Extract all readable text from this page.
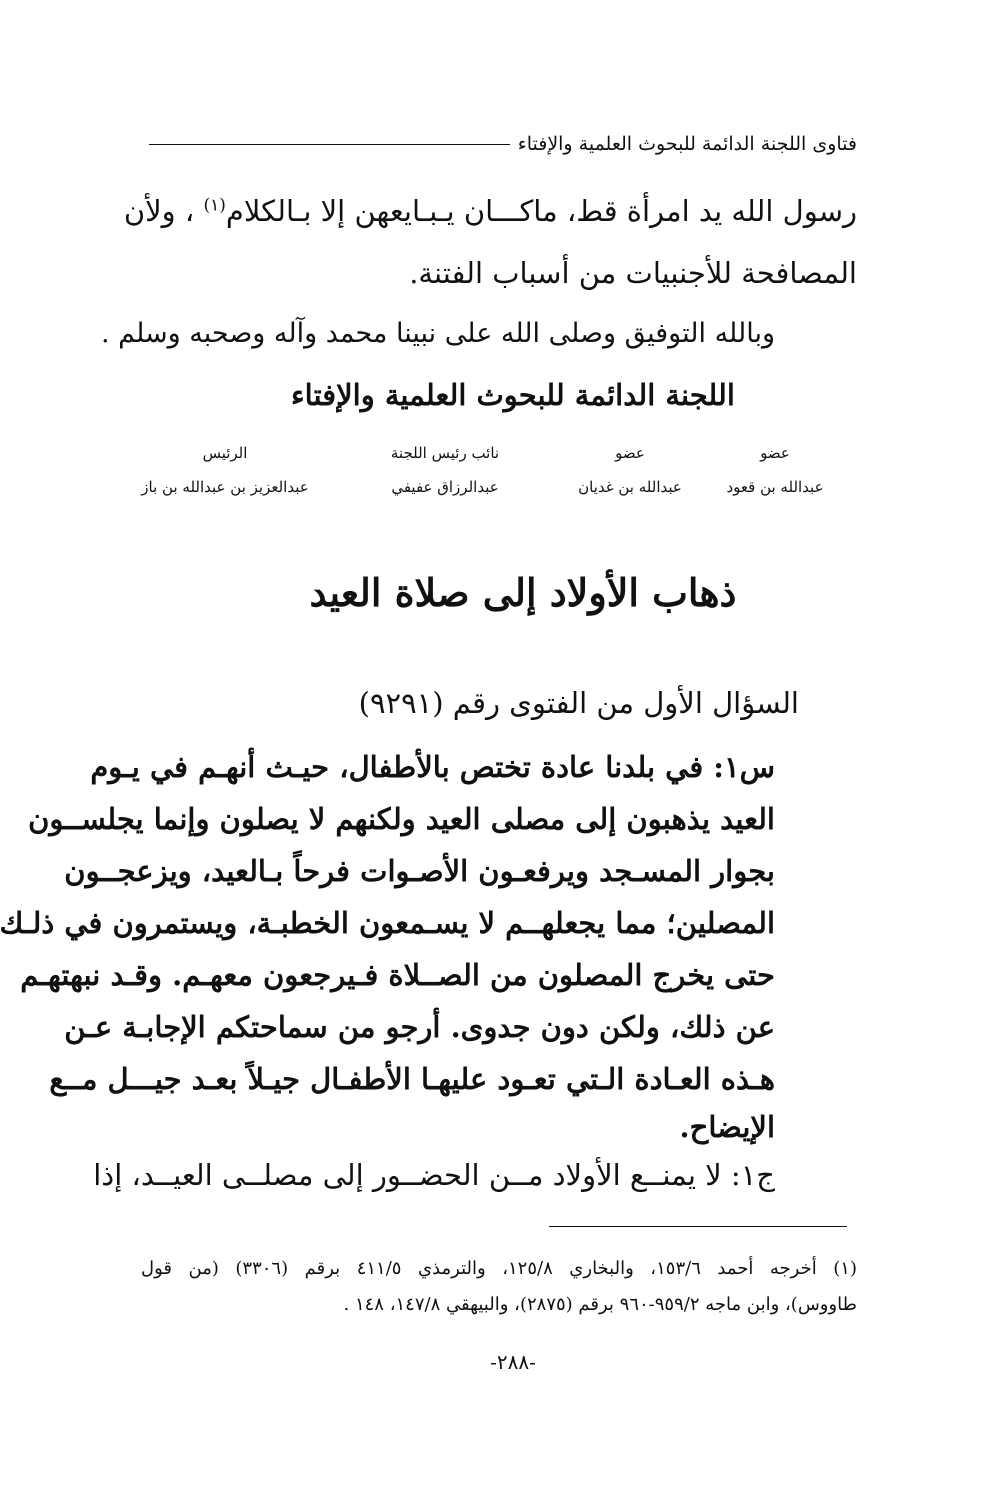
فتاوى اللجنة الدائمة للبحوث العلمية والإفتاء
رسول الله يد امرأة قط، ماكـــان يـبـايعهن إلا بـالكلام$^{(١)}$ ، ولأن
المصافحة للأجنبيات من أسباب الفتنة.
وبالله التوفيق وصلى الله على نبينا محمد وآله وصحبه وسلم .
اللجنة الدائمة للبحوث العلمية والإفتاء
عضو
عبدالله بن قعود
عضو
عبدالله بن غديان
نائب رئيس اللجنة
عبدالرزاق عفيفي
الرئيس
عبدالعزيز بن عبدالله بن باز
ذهاب الأولاد إلى صلاة العيد
السؤال الأول من الفتوى رقم (٩٢٩١)
س١: في بلدنا عادة تختص بالأطفال، حيـث أنهـم في يـوم
العيد يذهبون إلى مصلى العيد ولكنهم لا يصلون وإنما يجلســون
بجوار المسـجد ويرفعـون الأصـوات فرحاً بـالعيد، ويزعجــون
المصلين؛ مما يجعلهــم لا يسـمعون الخطبـة، ويستمرون في ذلـك
حتى يخرج المصلون من الصــلاة فـيرجعون معهـم. وقـد نبهتهـم
عن ذلك، ولكن دون جدوى. أرجو من سماحتكم الإجابـة عـن
هـذه العـادة الـتي تعـود عليهـا الأطفـال جيـلاً بعـد جيـــل مــع
الإيضاح.
ج١: لا يمنــع الأولاد مــن الحضــور إلى مصلــى العيــد، إذا
(١) أخرجه أحمد ١٥٣/٦، والبخاري ١٢٥/٨، والترمذي ٤١١/٥ برقم (٣٣٠٦) (من قول
طاووس)، وابن ماجه ٩٥٩/٢-٩٦٠ برقم (٢٨٧٥)، والبيهقي ١٤٧/٨، ١٤٨ .
-٢٨٨-
